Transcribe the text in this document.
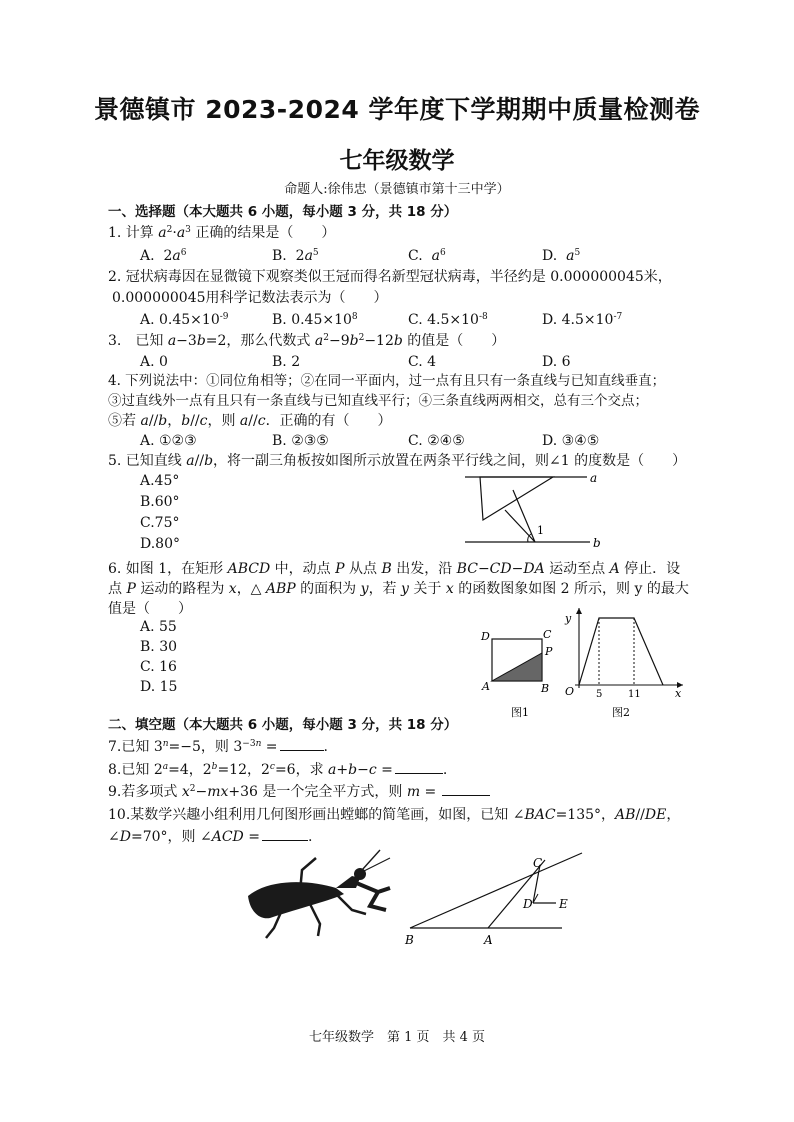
景德镇市 2023-2024 学年度下学期期中质量检测卷
七年级数学
命题人:徐伟忠（景德镇市第十三中学）
一、选择题（本大题共 6 小题，每小题 3 分，共 18 分）
1. 计算 $a^2\cdot a^3$ 正确的结果是（　　）
A.  $2a^6$	B.  $2a^5$	C. $a^6$	D. $a^5$
2. 冠状病毒因在显微镜下观察类似王冠而得名新型冠状病毒，半径约是 0.000000045米，
0.000000045用科学记数法表示为（　　）
A. $0.45\times 10^{-9}$	B. $0.45\times 10^8$	C. $4.5\times 10^{-8}$	D. $4.5\times 10^{-7}$
3.　已知 a−3b=2，那么代数式 $a^2-9b^2-12b$ 的值是（　　）
A. 0	B. 2	C. 4	D. 6
4. 下列说法中：①同位角相等；②在同一平面内，过一点有且只有一条直线与已知直线垂直；
③过直线外一点有且只有一条直线与已知直线平行；④三条直线两两相交，总有三个交点；
⑤若 a//b，b//c，则 a//c．正确的有（　　）
A. ①②③	B. ②③⑤	C. ②④⑤	D. ③④⑤
5. 已知直线 a//b，将一副三角板按如图所示放置在两条平行线之间，则∠1 的度数是（　　）
A.45°
B.60°
C.75°
D.80°
a
b
1
6. 如图 1，在矩形 ABCD 中，动点 P 从点 B 出发，沿 BC−CD−DA 运动至点 A 停止．设
点 P 运动的路程为 x，△ ABP 的面积为 y，若 y 关于 x 的函数图象如图 2 所示，则 y 的最大
值是（　　）
A. 55
B. 30
C. 16
D. 15
D	C
P
A	B
图1
y
O 5	11	x
图2
二、填空题（本大题共 6 小题，每小题 3 分，共 18 分）
7.已知 $3^n=-5$，则 $3^{-3n}$ =	.
8.已知 $2^a=4$，$2^b=12$，$2^c=6$，求 a+b−c =	.
9.若多项式 $x^2-mx+36$ 是一个完全平方式，则 m =
10.某数学兴趣小组利用几何图形画出螳螂的简笔画，如图，已知 ∠BAC=135°，AB//DE，
∠D=70°，则 ∠ACD =	.
C
D E
B	A
七年级数学　第 1 页　共 4 页
